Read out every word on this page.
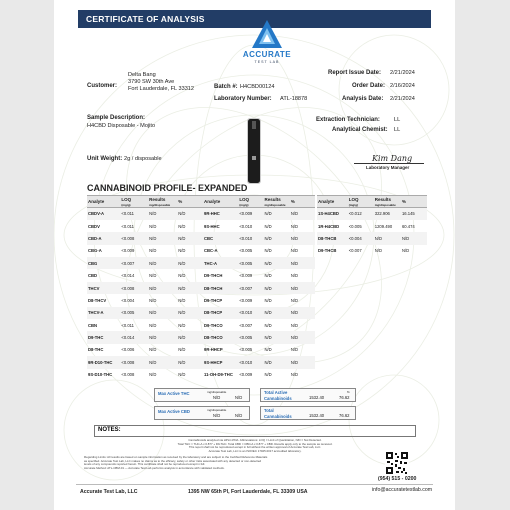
CERTIFICATE OF ANALYSIS
ACCURATE
TEST LAB
Customer:
Delta Bang
3790 SW 30th Ave
Fort Lauderdale, FL 33312	Batch #: H4CBD00124
Laboratory Number: ATL-18878
Report Issue Date: 2/21/2024
Order Date: 2/16/2024
Analysis Date: 2/21/2024
Sample Description:
H4CBD Disposable - Mojito
Unit Weight: 2g / disposable
Extraction Technician:	LL
Analytical Chemist: LL
Kim Dang
Laboratory Manager
CANNABINOID PROFILE- EXPANDED
Analyte	LOQ
(mg/g)	Results
mg/disposable	%
CBDV-A	<0.011	N/D	N/D
CBDV	<0.011	N/D	N/D
CBD-A	<0.008	N/D	N/D
CBG-A	<0.009	N/D	N/D
CBG	<0.007	N/D	N/D
CBD	<0.014	N/D	N/D
THCV	<0.008	N/D	N/D
D8-THCV	<0.004	N/D	N/D
THCV-A	<0.005	N/D	N/D
CBN	<0.011	N/D	N/D
D9-THC	<0.014	N/D	N/D
D8-THC	<0.006	N/D	N/D
9R-D10-THC	<0.008	N/D	N/D
9S-D10-THC	<0.008	N/D	N/D
Analyte	LOQ
(mg/g)	Results
mg/disposable	%
9R-HHC	<0.009	N/D	N/D
9S-HHC	<0.010	N/D	N/D
CBC	<0.010	N/D	N/D
CBC-A	<0.005	N/D	N/D
THC-A	<0.005	N/D	N/D
D9-THCH	<0.009	N/D	N/D
D8-THCH	<0.007	N/D	N/D
D9-THCP	<0.009	N/D	N/D
D8-THCP	<0.010	N/D	N/D
D9-THCO	<0.007	N/D	N/D
D8-THCO	<0.005	N/D	N/D
9R-HHCP	<0.005	N/D	N/D
9S-HHCP	<0.010	N/D	N/D
11-OH-D9-THC	<0.009	N/D	N/D
Analyte	LOQ
(mg/g)	Results
mg/disposable	%
1S-H4CBD	<0.012	322.906	16.145
1R-H4CBD	<0.005	1209.490	60.474
D8-THCB	<0.004	N/D	N/D
D9-THCB	<0.007	N/D	N/D
Max Active THC	mg/disposable
N/D	N/D
Max Active CBD	mg/disposable
N/D	N/D
Total Active
Cannabinoids
%
1532.40	76.62
Total
Cannabinoids	1532.40	76.62
NOTES:
Cannabinoids analyzed via HPLC-PDA. Abbreviations: LOQ = Limit of Quantitation, N/D = Not Detected.
Total THC = THC-A x 0.877 + D9-THC. Total CBD = CBD-A x 0.877 + CBD. Results apply only to the sample as received.
This report shall not be reproduced except in full without the written approval of Accurate Test Lab, LLC.
Accurate Test Lab, LLC is an ISO/IEC 17025:2017 accredited laboratory.
Regarding Limits: All results are based on sample information as received by the laboratory and are subject to the Certified Reference Materials
as specified. Accurate Test Lab, LLC makes no claims as to the efficacy, safety or other risks associated with any detected or non-detected
levels of any compounds reported herein. This certificate shall not be reproduced except in full.
Accurate Method: ATL-CBM-01 — Accurate Test Lab performs analysis in accordance with validated methods.
Accurate Test Lab, LLC	1395 NW 65th Pl, Fort Lauderdale, FL 33309 USA
(954) 515 - 0200
info@accuratetestlab.com
